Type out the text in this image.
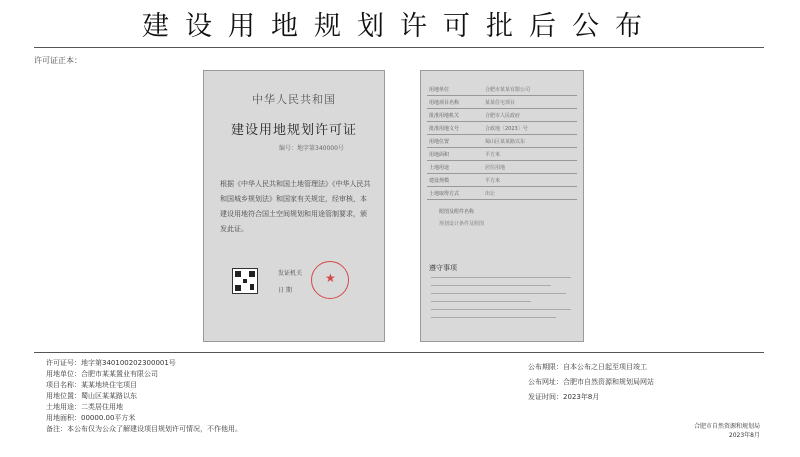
建设用地规划许可批后公布
许可证正本：
中华人民共和国
建设用地规划许可证
编号：地字第340000号
根据《中华人民共和国土地管理法》《中华人民共和国城乡规划法》和国家有关规定，经审核，本建设用地符合国土空间规划和用途管制要求，颁发此证。
发证机关
日 期
★
用地单位	合肥市某某有限公司
用地项目名称	某某住宅项目
批准用地机关	合肥市人民政府
批准用地文号	合政地〔2023〕号
用地位置	蜀山区某某路以东
用地面积	平方米
土地用途	居住用地
建设规模	平方米
土地取得方式	出让
附图及附件名称
规划设计条件及附图
遵守事项
许可证号：地字第340100202300001号
用地单位：合肥市某某置业有限公司
项目名称：某某地块住宅项目
用地位置：蜀山区某某路以东
土地用途：二类居住用地
用地面积：00000.00平方米
公布期限：自本公布之日起至项目竣工
公布网址：合肥市自然资源和规划局网站
发证时间：2023年8月
备注：本公布仅为公众了解建设项目规划许可情况，不作他用。	合肥市自然资源和规划局
2023年8月
